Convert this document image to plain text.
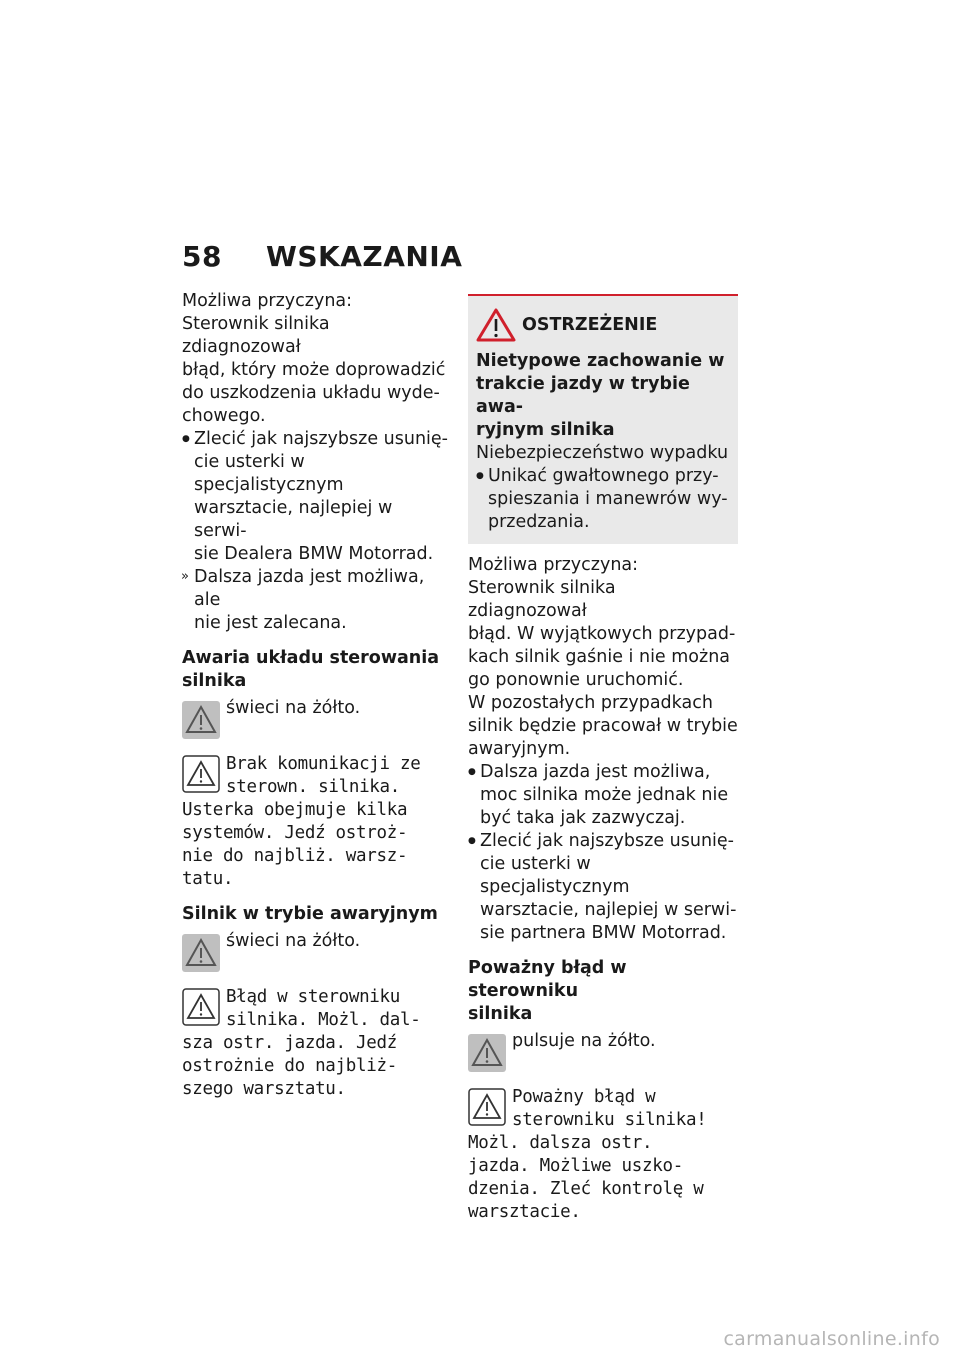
58 WSKAZANIA

Możliwa przyczyna:

Sterownik silnika zdiagnozował

błąd, który może doprowadzić

do uszkodzenia układu wyde-

chowego.

● Zlecić jak najszybsze usunię-
cie usterki w specjalistycznym
warsztacie, najlepiej w serwi-
sie Dealera BMW Motorrad.
» Dalsza jazda jest możliwa, ale
nie jest zalecana.
Awaria układu sterowania
silnika
świeci na żółto.

Brak komunikacji ze

sterown. silnika.

Usterka obejmuje kilka

systemów. Jedź ostroż-

nie do najbliż. warsz-

tatu.

Silnik w trybie awaryjnym
świeci na żółto.

Błąd w sterowniku

silnika. Możl. dal-

sza ostr. jazda. Jedź

ostrożnie do najbliż-

szego warsztatu.

OSTRZEŻENIE
Nietypowe zachowanie w
trakcie jazdy w trybie awa-
ryjnym silnika

Niebezpieczeństwo wypadku

● Unikać gwałtownego przy-
spieszania i manewrów wy-
przedzania.

Możliwa przyczyna:

Sterownik silnika zdiagnozował

błąd. W wyjątkowych przypad-

kach silnik gaśnie i nie można

go ponownie uruchomić.

W pozostałych przypadkach

silnik będzie pracował w trybie

awaryjnym.

● Dalsza jazda jest możliwa,
moc silnika może jednak nie
być taka jak zazwyczaj.
● Zlecić jak najszybsze usunię-
cie usterki w specjalistycznym
warsztacie, najlepiej w serwi-
sie partnera BMW Motorrad.
Poważny błąd w sterowniku
silnika
pulsuje na żółto.

Poważny błąd w

sterowniku silnika!

Możl. dalsza ostr.

jazda. Możliwe uszko-

dzenia. Zleć kontrolę w

warsztacie.

carmanualsonline.info
